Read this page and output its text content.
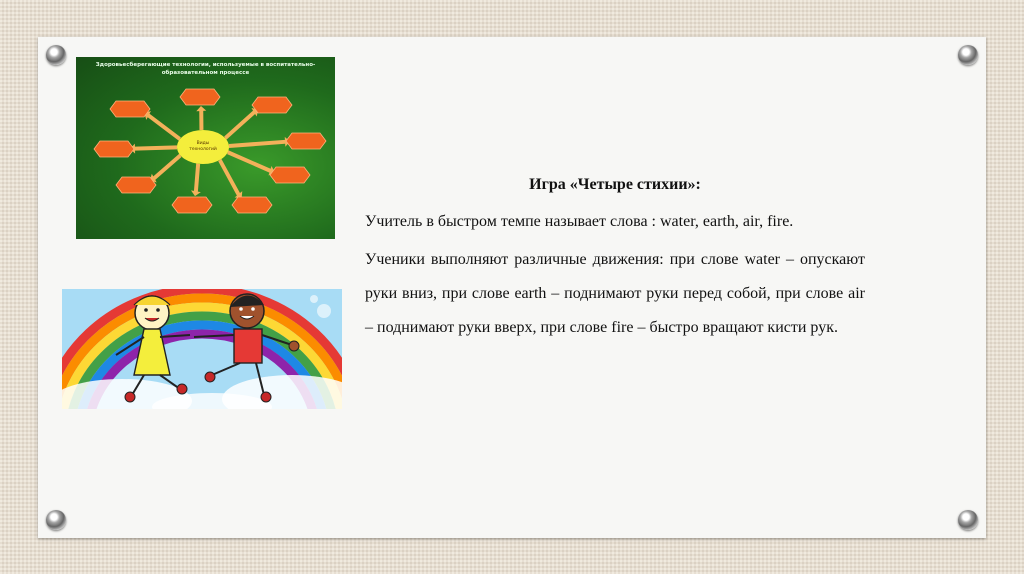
Здоровьесберегающие технологии, используемые в воспитательно-образовательном процессе
Виды технологий

Игра «Четыре стихии»:

Учитель в быстром темпе называет слова : water, earth, air, fire.

Ученики выполняют различные движения: при слове water – опускают руки вниз, при слове earth – поднимают руки перед собой, при слове air – поднимают руки вверх, при слове fire – быстро вращают кисти рук.
